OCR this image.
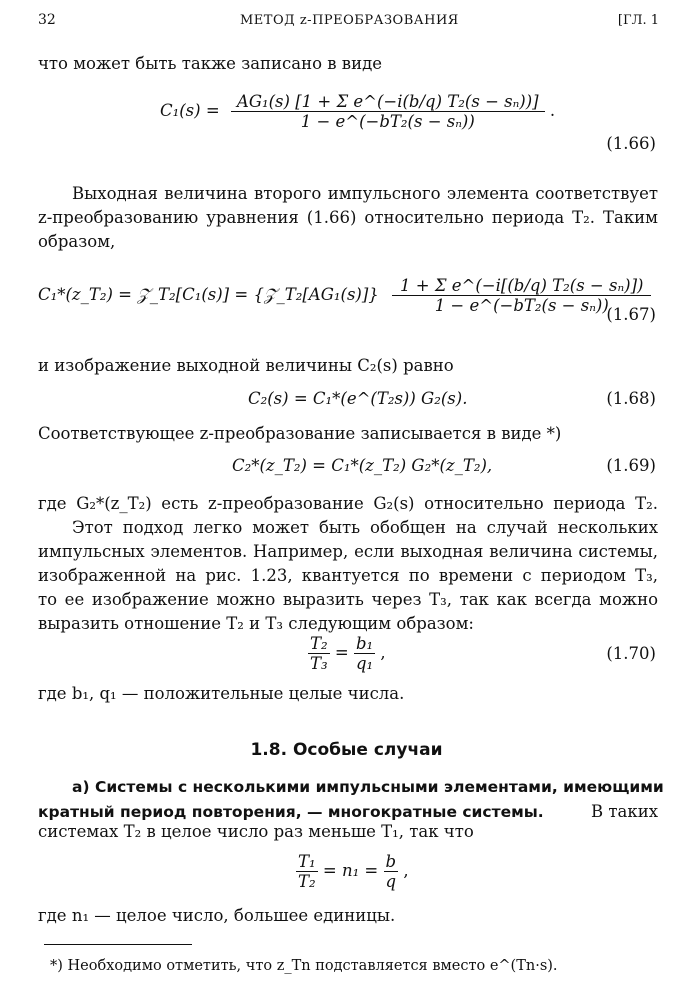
32	МЕТОД z-ПРЕОБРАЗОВАНИЯ	[ГЛ. 1
что может быть также записано в виде
$C_1(s) = \frac{\text{AG₁(s) [1 + Σ e\textasciicircum{}(−i(b/q) T₂(s − sₙ))]}}{\text{1 − e\textasciicircum{}(−bT₂(s − sₙ))}}$ .
(1.66)
Выходная величина второго импульсного элемента соответствует
z-преобразованию уравнения (1.66) относительно периода T₂. Таким
образом,
C₁*(z_T₂) = 𝒵_T₂[C₁(s)] = {𝒵_T₂[AG₁(s)]} $\frac{\text{1 + Σ e\textasciicircum{}(−i[(b/q) T₂(s − sₙ)])}}{\text{1 − e\textasciicircum{}(−bT₂(s − sₙ))}}$
(1.67)
и изображение выходной величины C₂(s) равно
C₂(s) = C₁*(e^(T₂s)) G₂(s).	(1.68)
Соответствующее z-преобразование записывается в виде *)
C₂*(z_T₂) = C₁*(z_T₂) G₂*(z_T₂),	(1.69)
где G₂*(z_T₂) есть z-преобразование G₂(s) относительно периода T₂.
Этот подход легко может быть обобщен на случай нескольких
импульсных элементов. Например, если выходная величина системы,
изображенной на рис. 1.23, квантуется по времени с периодом T₃,
то ее изображение можно выразить через T₃, так как всегда можно
выразить отношение T₂ и T₃ следующим образом:
$\frac{\text{T₂}}{\text{T₃}} = \frac{\text{b₁}}{\text{q₁}}$ ,	(1.70)
где b₁, q₁ — положительные целые числа.
1.8. Особые случаи
а) Системы с несколькими импульсными элементами, имеющими
кратный период повторения, — многократные системы.	В таких
системах T₂ в целое число раз меньше T₁, так что
$\frac{\text{T₁}}{\text{T₂}} = n_1 = \frac{b}{q}$ ,
где n₁ — целое число, большее единицы.
*) Необходимо отметить, что z_Tn подставляется вместо e^(Tn·s).
